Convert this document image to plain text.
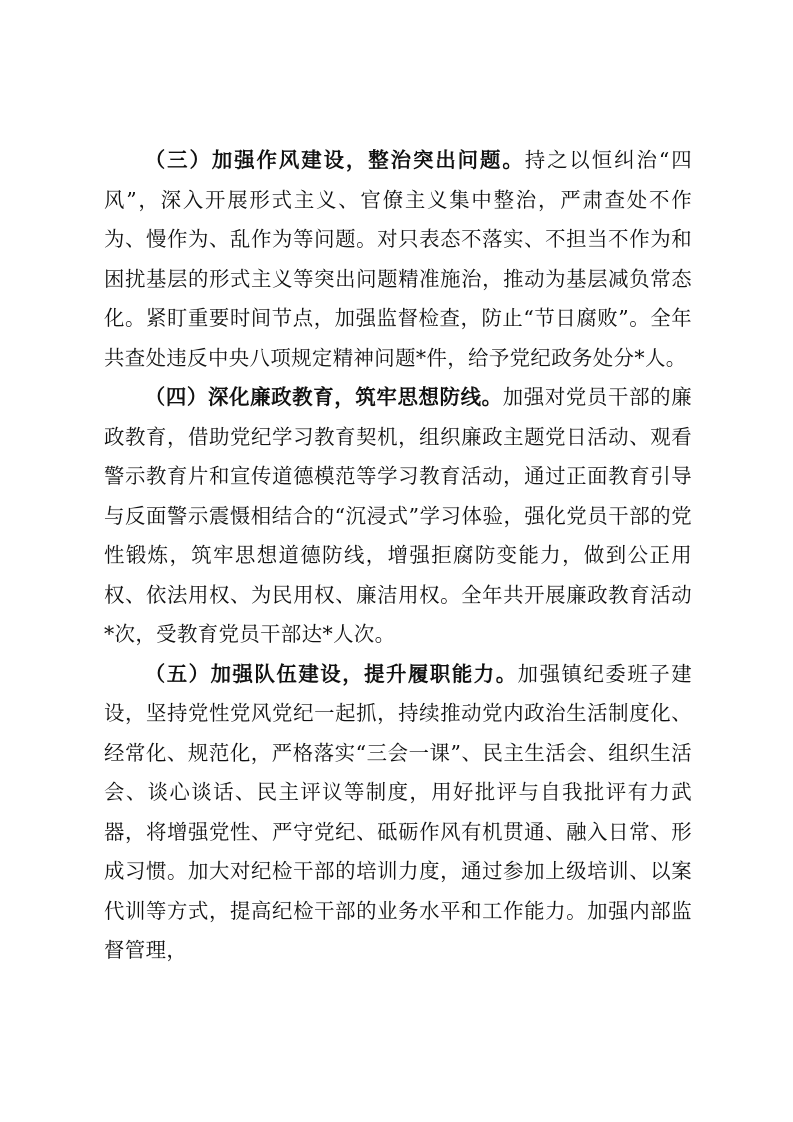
（三）加强作风建设，整治突出问题。持之以恒纠治“四风”，深入开展形式主义、官僚主义集中整治，严肃查处不作为、慢作为、乱作为等问题。对只表态不落实、不担当不作为和困扰基层的形式主义等突出问题精准施治，推动为基层减负常态化。紧盯重要时间节点，加强监督检查，防止“节日腐败”。全年共查处违反中央八项规定精神问题*件，给予党纪政务处分*人。

（四）深化廉政教育，筑牢思想防线。加强对党员干部的廉政教育，借助党纪学习教育契机，组织廉政主题党日活动、观看警示教育片和宣传道德模范等学习教育活动，通过正面教育引导与反面警示震慑相结合的“沉浸式”学习体验，强化党员干部的党性锻炼，筑牢思想道德防线，增强拒腐防变能力，做到公正用权、依法用权、为民用权、廉洁用权。全年共开展廉政教育活动*次，受教育党员干部达*人次。

（五）加强队伍建设，提升履职能力。加强镇纪委班子建设，坚持党性党风党纪一起抓，持续推动党内政治生活制度化、经常化、规范化，严格落实“三会一课”、民主生活会、组织生活会、谈心谈话、民主评议等制度，用好批评与自我批评有力武器，将增强党性、严守党纪、砥砺作风有机贯通、融入日常、形成习惯。加大对纪检干部的培训力度，通过参加上级培训、以案代训等方式，提高纪检干部的业务水平和工作能力。加强内部监督管理，
